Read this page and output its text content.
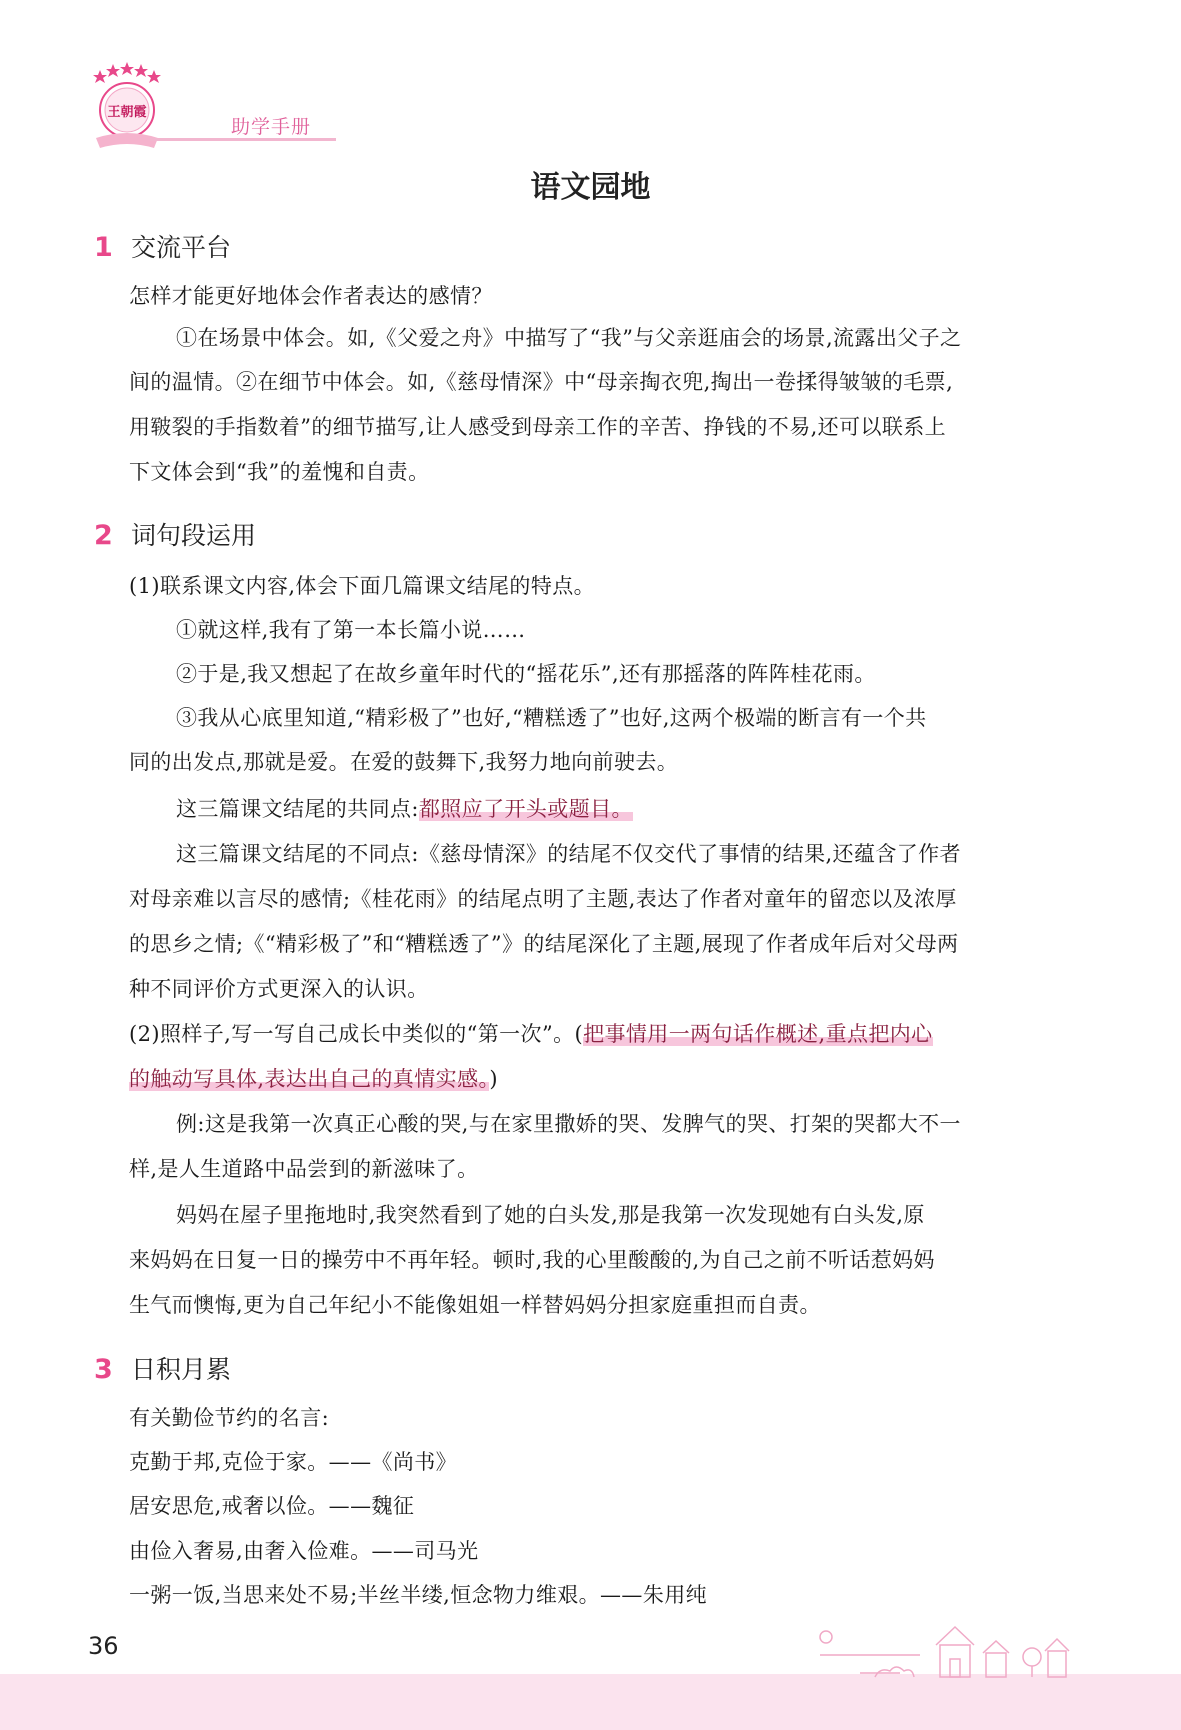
王朝霞
助学手册
语文园地
1 交流平台
怎样才能更好地体会作者表达的感情？
①在场景中体会。如,《父爱之舟》中描写了“我”与父亲逛庙会的场景,流露出父子之
间的温情。②在细节中体会。如,《慈母情深》中“母亲掏衣兜,掏出一卷揉得皱皱的毛票,
用皲裂的手指数着”的细节描写,让人感受到母亲工作的辛苦、挣钱的不易,还可以联系上
下文体会到“我”的羞愧和自责。
2 词句段运用
(1)联系课文内容,体会下面几篇课文结尾的特点。
①就这样,我有了第一本长篇小说……
②于是,我又想起了在故乡童年时代的“摇花乐”,还有那摇落的阵阵桂花雨。
③我从心底里知道,“精彩极了”也好,“糟糕透了”也好,这两个极端的断言有一个共
同的出发点,那就是爱。在爱的鼓舞下,我努力地向前驶去。
这三篇课文结尾的共同点:都照应了开头或题目。
这三篇课文结尾的不同点:《慈母情深》的结尾不仅交代了事情的结果,还蕴含了作者
对母亲难以言尽的感情;《桂花雨》的结尾点明了主题,表达了作者对童年的留恋以及浓厚
的思乡之情;《“精彩极了”和“糟糕透了”》的结尾深化了主题,展现了作者成年后对父母两
种不同评价方式更深入的认识。
(2)照样子,写一写自己成长中类似的“第一次”。(把事情用一两句话作概述,重点把内心
的触动写具体,表达出自己的真情实感。)
例:这是我第一次真正心酸的哭,与在家里撒娇的哭、发脾气的哭、打架的哭都大不一
样,是人生道路中品尝到的新滋味了。
妈妈在屋子里拖地时,我突然看到了她的白头发,那是我第一次发现她有白头发,原
来妈妈在日复一日的操劳中不再年轻。顿时,我的心里酸酸的,为自己之前不听话惹妈妈
生气而懊悔,更为自己年纪小不能像姐姐一样替妈妈分担家庭重担而自责。
3 日积月累
有关勤俭节约的名言:
克勤于邦,克俭于家。——《尚书》
居安思危,戒奢以俭。——魏征
由俭入奢易,由奢入俭难。——司马光
一粥一饭,当思来处不易;半丝半缕,恒念物力维艰。——朱用纯
36
